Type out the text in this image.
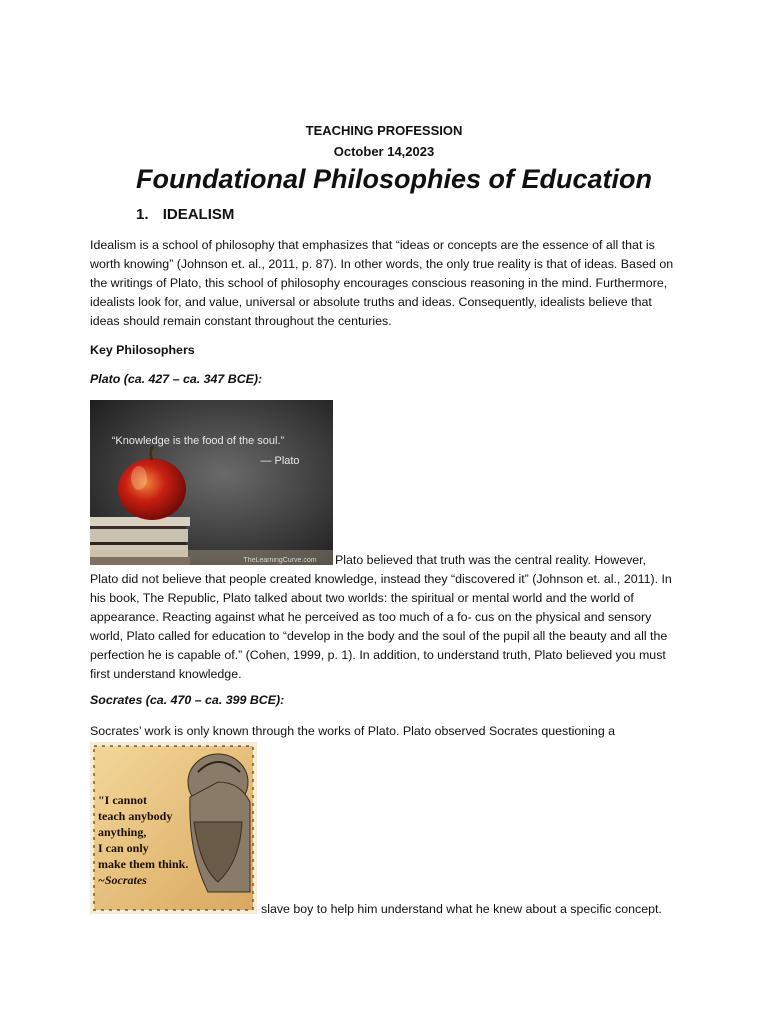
TEACHING PROFESSION
October 14,2023
Foundational Philosophies of Education
1. IDEALISM

Idealism is a school of philosophy that emphasizes that “ideas or concepts are the essence of all that is worth knowing” (Johnson et. al., 2011, p. 87). In other words, the only true reality is that of ideas. Based on the writings of Plato, this school of philosophy encourages conscious reasoning in the mind. Furthermore, idealists look for, and value, universal or absolute truths and ideas. Consequently, idealists believe that ideas should remain constant throughout the centuries.

Key Philosophers

Plato (ca. 427 – ca. 347 BCE):

“Knowledge is the food of the soul.”
— Plato
TheLearningCurve.com Plato believed that truth was the central reality. However,

Plato did not believe that people created knowledge, instead they “discovered it” (Johnson et. al., 2011). In his book, The Republic, Plato talked about two worlds: the spiritual or mental world and the world of appearance. Reacting against what he perceived as too much of a fo- cus on the physical and sensory world, Plato called for education to “develop in the body and the soul of the pupil all the beauty and all the perfection he is capable of.” (Cohen, 1999, p. 1). In addition, to understand truth, Plato believed you must first understand knowledge.

Socrates (ca. 470 – ca. 399 BCE):

Socrates’ work is only known through the works of Plato. Plato observed Socrates questioning a

"I cannot teach anybody anything, I can only make them think.
~Socrates

slave boy to help him understand what he knew about a specific concept.
